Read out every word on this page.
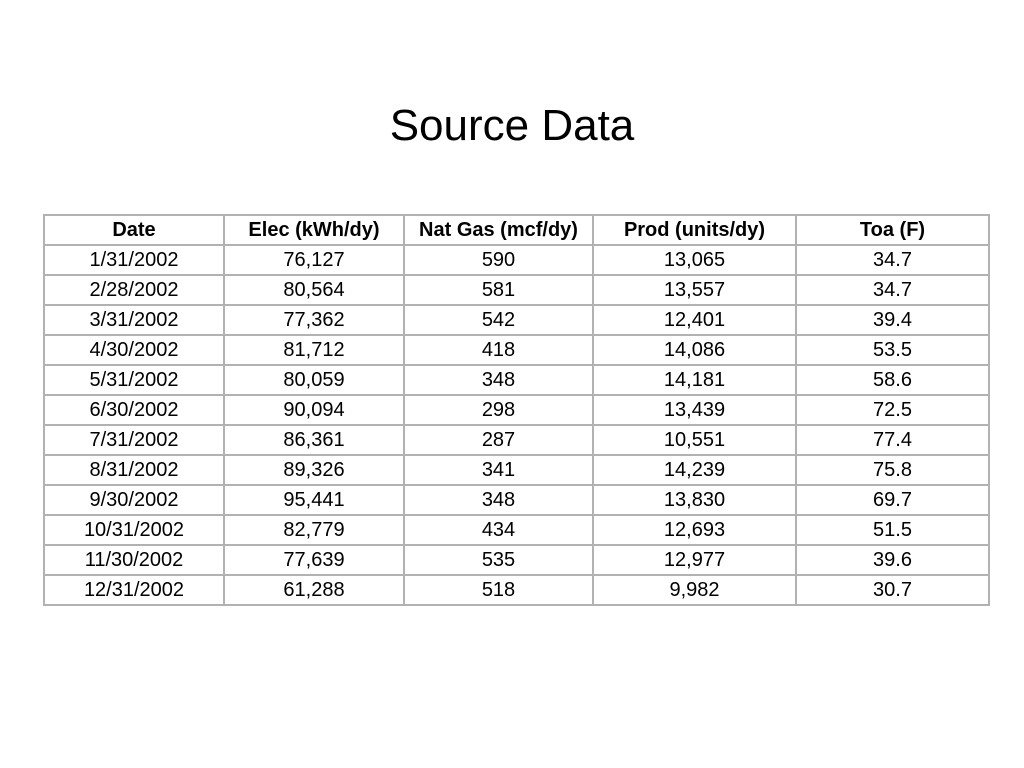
Source Data
Date	Elec (kWh/dy)	Nat Gas (mcf/dy)	Prod (units/dy)	Toa (F)
1/31/2002	76,127	590	13,065	34.7
2/28/2002	80,564	581	13,557	34.7
3/31/2002	77,362	542	12,401	39.4
4/30/2002	81,712	418	14,086	53.5
5/31/2002	80,059	348	14,181	58.6
6/30/2002	90,094	298	13,439	72.5
7/31/2002	86,361	287	10,551	77.4
8/31/2002	89,326	341	14,239	75.8
9/30/2002	95,441	348	13,830	69.7
10/31/2002	82,779	434	12,693	51.5
11/30/2002	77,639	535	12,977	39.6
12/31/2002	61,288	518	9,982	30.7
